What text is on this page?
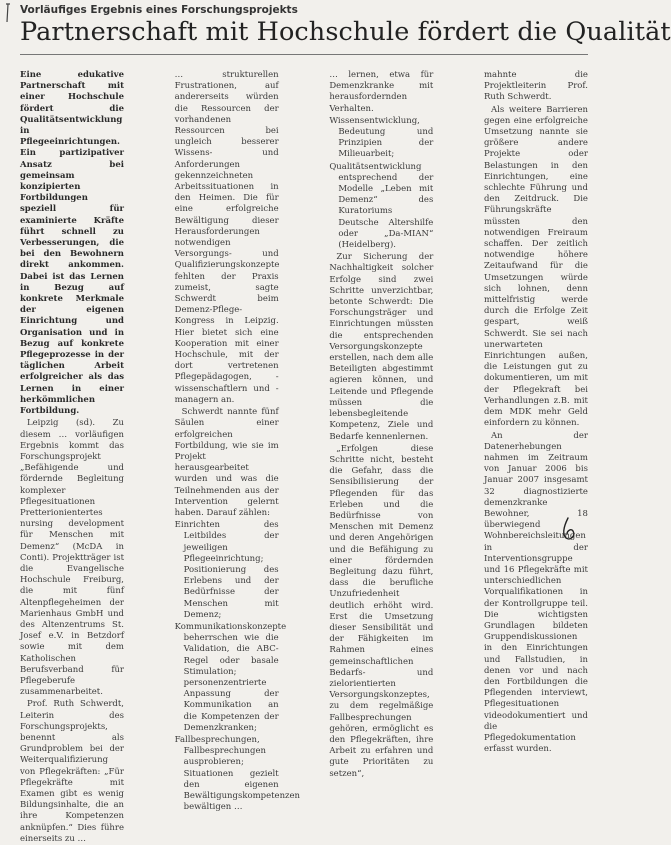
Vorläufiges Ergebnis eines Forschungsprojekts
Partnerschaft mit Hochschule fördert die Qualität

Eine edukative Partnerschaft mit einer Hochschule fördert die Qualitätsentwicklung in Pflegeeinrichtungen. Ein partizipativer Ansatz bei gemeinsam konzipierten Fortbildungen speziell für examinierte Kräfte führt schnell zu Verbesserungen, die bei den Bewohnern direkt ankommen. Dabei ist das Lernen in Bezug auf konkrete Merkmale der eigenen Einrichtung und Organisation und in Bezug auf konkrete Pflegeprozesse in der täglichen Arbeit erfolgreicher als das Lernen in einer herkömmlichen Fortbildung.

Leipzig (sd). Zu diesem … vorläufigen Ergebnis kommt das Forschungsprojekt „Befähigende und fördernde Begleitung komplexer Pflegesituationen Pretterionientertes nursing development für Menschen mit Demenz“ (McDA in Conti). Projektträger ist die Evangelische Hochschule Freiburg, die mit fünf Altenpflegeheimen der Marienhaus GmbH und des Altenzentrums St. Josef e.V. in Betzdorf sowie mit dem Katholischen Berufsverband für Pflegeberufe zusammenarbeitet.

Prof. Ruth Schwerdt, Leiterin des Forschungsprojekts, benennt als Grundproblem bei der Weiterqualifizierung von Pflegekräften: „Für Pflegekräfte mit Examen gibt es wenig Bildungsinhalte, die an ihre Kompetenzen anknüpfen.“ Dies führe einerseits zu …

… strukturellen Frustrationen, auf andererseits würden die Ressourcen der vorhandenen Ressourcen bei ungleich besserer Wissens- und Anforderungen gekennzeichneten Arbeitssituationen in den Heimen. Die für eine erfolgreiche Bewältigung dieser Herausforderungen notwendigen Versorgungs- und Qualifizierungskonzepte fehlten der Praxis zumeist, sagte Schwerdt beim Demenz-Pflege-Kongress in Leipzig. Hier bietet sich eine Kooperation mit einer Hochschule, mit der dort vertretenen Pflegepädagogen, -wissenschaftlern und -managern an.

Schwerdt nannte fünf Säulen einer erfolgreichen Fortbildung, wie sie im Projekt herausgearbeitet wurden und was die Teilnehmenden aus der Intervention gelernt haben. Darauf zählen:

Einrichten des Leitbildes der jeweiligen Pflegeeinrichtung; Positionierung des Erlebens und der Bedürfnisse der Menschen mit Demenz;
Kommunikationskonzepte beherrschen wie die Validation, die ABC-Regel oder basale Stimulation; personenzentrierte Anpassung der Kommunikation an die Kompetenzen der Demenzkranken;
Fallbesprechungen, Fallbesprechungen ausprobieren; Situationen gezielt den eigenen Bewältigungskompetenzen bewältigen …

… lernen, etwa für Demenzkranke mit herausfordernden Verhalten.

Wissensentwicklung, Bedeutung und Prinzipien der Milieuarbeit;
Qualitätsentwicklung entsprechend der Modelle „Leben mit Demenz“ des Kuratoriums Deutsche Altershilfe oder „Da-MIAN“ (Heidelberg).

Zur Sicherung der Nachhaltigkeit solcher Erfolge sind zwei Schritte unverzichtbar, betonte Schwerdt: Die Forschungsträger und Einrichtungen müssten die entsprechenden Versorgungskonzepte erstellen, nach dem alle Beteiligten abgestimmt agieren können, und Leitende und Pflegende müssen die lebensbegleitende Kompetenz, Ziele und Bedarfe kennenlernen.

„Erfolgen diese Schritte nicht, besteht die Gefahr, dass die Sensibilisierung der Pflegenden für das Erleben und die Bedürfnisse von Menschen mit Demenz und deren Angehörigen und die Befähigung zu einer fördernden Begleitung dazu führt, dass die berufliche Unzufriedenheit deutlich erhöht wird. Erst die Umsetzung dieser Sensibilität und der Fähigkeiten im Rahmen eines gemeinschaftlichen Bedarfs- und zielorientierten Versorgungskonzeptes, zu dem regelmäßige Fallbesprechungen gehören, ermöglicht es den Pflegekräften, ihre Arbeit zu erfahren und gute Prioritäten zu setzen“,

mahnte die Projektleiterin Prof. Ruth Schwerdt.

Als weitere Barrieren gegen eine erfolgreiche Umsetzung nannte sie größere andere Projekte oder Belastungen in den Einrichtungen, eine schlechte Führung und den Zeitdruck. Die Führungskräfte müssten den notwendigen Freiraum schaffen. Der zeitlich notwendige höhere Zeitaufwand für die Umsetzungen würde sich lohnen, denn mittelfristig werde durch die Erfolge Zeit gespart, weiß Schwerdt. Sie sei nach unerwarteten Einrichtungen außen, die Leistungen gut zu dokumentieren, um mit der Pflegekraft bei Verhandlungen z.B. mit dem MDK mehr Geld einfordern zu können.

An der Datenerhebungen nahmen im Zeitraum von Januar 2006 bis Januar 2007 insgesamt 32 diagnostizierte demenzkranke Bewohner, 18 überwiegend Wohnbereichsleitungen in der Interventionsgruppe und 16 Pflegekräfte mit unterschiedlichen Vorqualifikationen in der Kontrollgruppe teil. Die wichtigsten Grundlagen bildeten Gruppendiskussionen in den Einrichtungen und Fallstudien, in denen vor und nach den Fortbildungen die Pflegenden interviewt, Pflegesituationen videodokumentiert und die Pflegedokumentation erfasst wurden.
